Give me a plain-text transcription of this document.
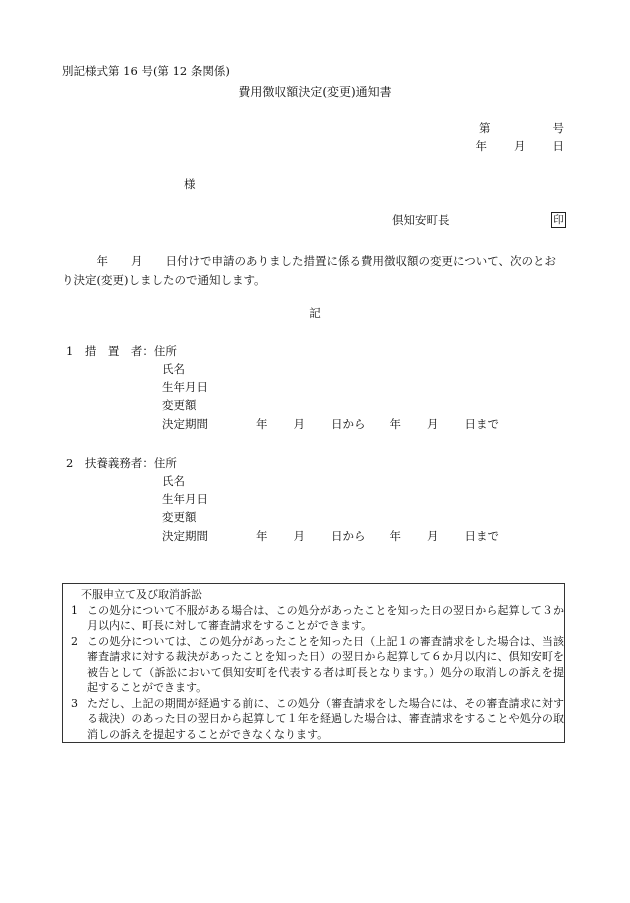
別記様式第 16 号(第 12 条関係)
費用徴収額決定(変更)通知書
第	号
年 月 日
様
倶知安町長	印
年　　月　　日付けで申請のありました措置に係る費用徴収額の変更について、次のとおり決定(変更)しましたので通知します。
記
1　措　置　者：住所
氏名
生年月日
変更額
決定期間	年 月 日から 年 月 日まで
2　扶養義務者：住所
氏名
生年月日
変更額
決定期間	年 月 日から 年 月 日まで
不服申立て及び取消訴訟
1 この処分について不服がある場合は、この処分があったことを知った日の翌日から起算して３か月以内に、町長に対して審査請求をすることができます。
2 この処分については、この処分があったことを知った日（上記１の審査請求をした場合は、当該審査請求に対する裁決があったことを知った日）の翌日から起算して６か月以内に、倶知安町を被告として（訴訟において倶知安町を代表する者は町長となります。）処分の取消しの訴えを提起することができます。
3 ただし、上記の期間が経過する前に、この処分（審査請求をした場合には、その審査請求に対する裁決）のあった日の翌日から起算して１年を経過した場合は、審査請求をすることや処分の取消しの訴えを提起することができなくなります。
